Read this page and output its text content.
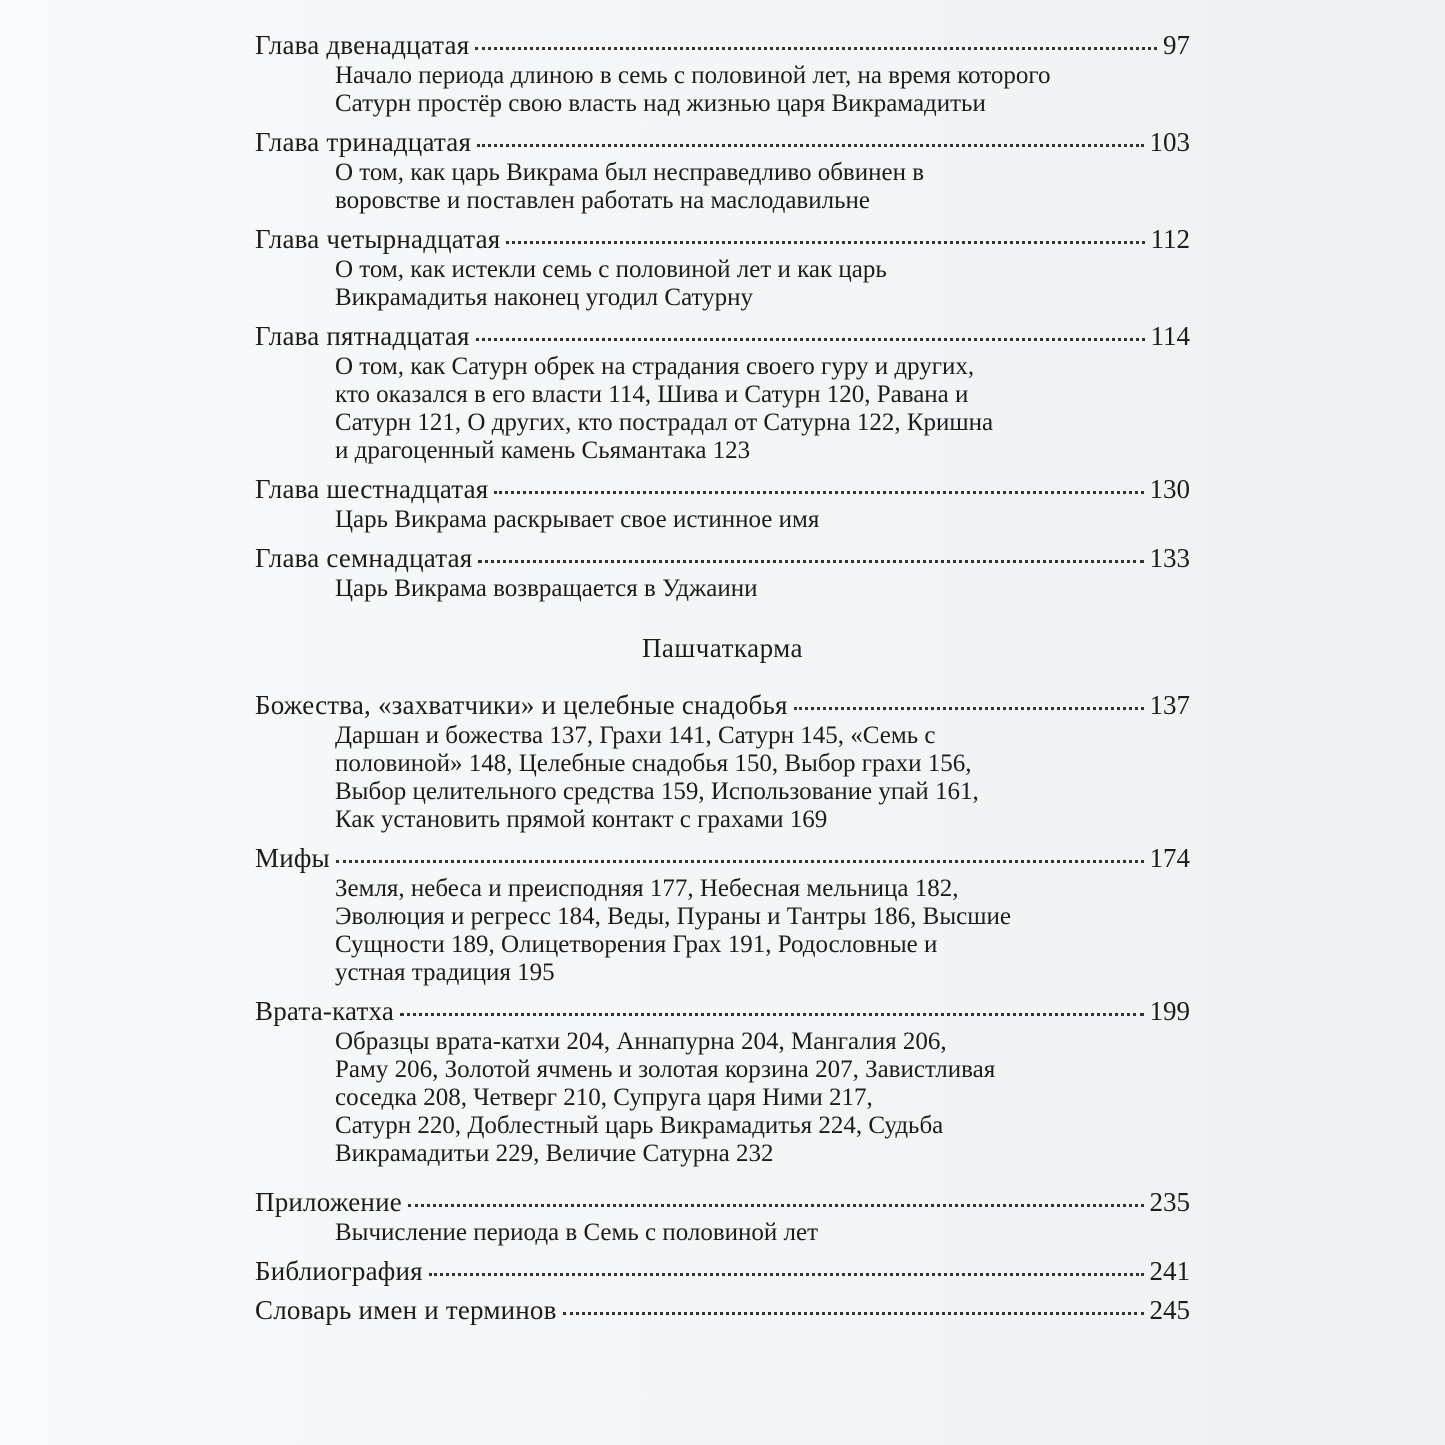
Глава двенадцатая	97
Начало периода длиною в семь с половиной лет, на время которого
Сатурн простёр свою власть над жизнью царя Викрамадитьи
Глава тринадцатая	103
О том, как царь Викрама был несправедливо обвинен в
воровстве и поставлен работать на маслодавильне
Глава четырнадцатая	112
О том, как истекли семь с половиной лет и как царь
Викрамадитья наконец угодил Сатурну
Глава пятнадцатая	114
О том, как Сатурн обрек на страдания своего гуру и других,
кто оказался в его власти 114, Шива и Сатурн 120, Равана и
Сатурн 121, О других, кто пострадал от Сатурна 122, Кришна
и драгоценный камень Сьямантака 123
Глава шестнадцатая	130
Царь Викрама раскрывает свое истинное имя
Глава семнадцатая	133
Царь Викрама возвращается в Уджаини
Пашчаткарма
Божества, «захватчики» и целебные снадобья	137
Даршан и божества 137, Грахи 141, Сатурн 145, «Семь с
половиной» 148, Целебные снадобья 150, Выбор грахи 156,
Выбор целительного средства 159, Использование упай 161,
Как установить прямой контакт с грахами 169
Мифы	174
Земля, небеса и преисподняя 177, Небесная мельница 182,
Эволюция и регресс 184, Веды, Пураны и Тантры 186, Высшие
Сущности 189, Олицетворения Грах 191, Родословные и
устная традиция 195
Врата-катха	199
Образцы врата-катхи 204, Аннапурна 204, Мангалия 206,
Раму 206, Золотой ячмень и золотая корзина 207, Завистливая
соседка 208, Четверг 210, Супруга царя Ними 217,
Сатурн 220, Доблестный царь Викрамадитья 224, Судьба
Викрамадитьи 229, Величие Сатурна 232
Приложение	235
Вычисление периода в Семь с половиной лет
Библиография	241
Словарь имен и терминов	245
